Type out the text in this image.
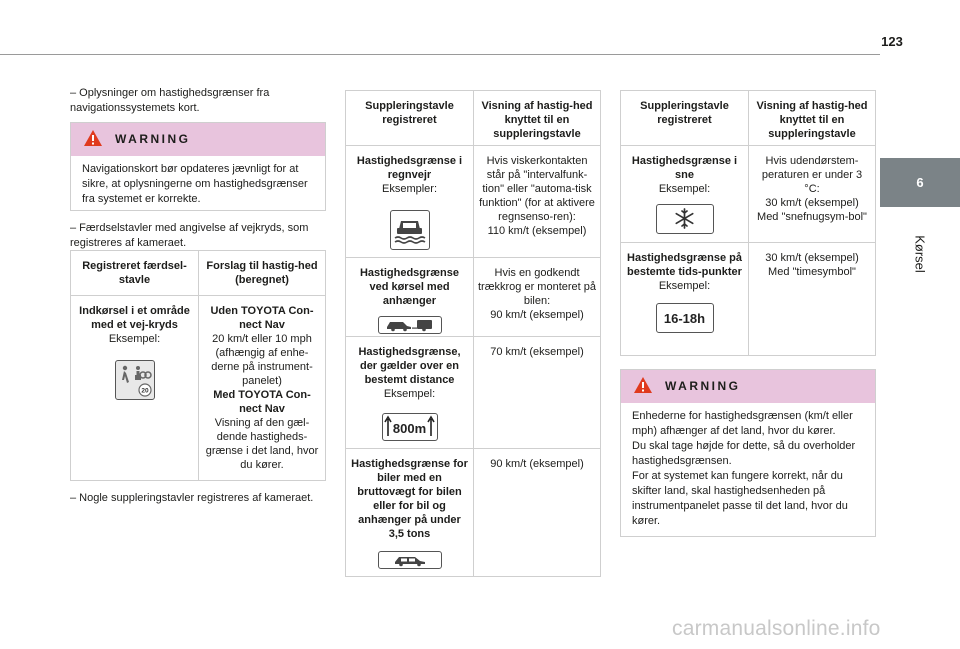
123
6
Kørsel
– Oplysninger om hastighedsgrænser fra navigationssystemets kort.
WARNING
Navigationskort bør opdateres jævnligt for at sikre, at oplysningerne om hastighedsgrænser fra systemet er korrekte.
– Færdselstavler med angivelse af vejkryds, som registreres af kameraet.
Registreret færdsel-stavle
Forslag til hastig-hed (beregnet)
Indkørsel i et område med et vej-kryds
Eksempel:
20
Uden TOYOTA Con-nect Nav
20 km/t eller 10 mph (afhængig af enhe-derne på instrument-panelet)
Med TOYOTA Con-nect Nav
Visning af den gæl-dende hastigheds-grænse i det land, hvor du kører.
– Nogle suppleringstavler registreres af kameraet.
Suppleringstavle registreret
Visning af hastig-hed knyttet til en suppleringstavle
Hastighedsgrænse i regnvejr
Eksempler:
Hvis viskerkontakten står på "intervalfunk-tion" eller "automa-tisk funktion" (for at aktivere regnsenso-ren):
110 km/t (eksempel)
Hastighedsgrænse ved kørsel med anhænger
Hvis en godkendt trækkrog er monteret på bilen:
90 km/t (eksempel)
Hastighedsgrænse, der gælder over en bestemt distance
Eksempel:
800m
70 km/t (eksempel)
Hastighedsgrænse for biler med en bruttovægt for bilen eller for bil og anhænger på under 3,5 tons
90 km/t (eksempel)
Suppleringstavle registreret
Visning af hastig-hed knyttet til en suppleringstavle
Hastighedsgrænse i sne
Eksempel:
Hvis udendørstem-peraturen er under 3 °C:
30 km/t (eksempel)
Med "snefnugsym-bol"
Hastighedsgrænse på bestemte tids-punkter
Eksempel:
16-18h
30 km/t (eksempel)
Med "timesymbol"
WARNING
Enhederne for hastighedsgrænsen (km/t eller mph) afhænger af det land, hvor du kører.
Du skal tage højde for dette, så du overholder hastighedsgrænsen.
For at systemet kan fungere korrekt, når du skifter land, skal hastighedsenheden på instrumentpanelet passe til det land, hvor du kører.
carmanualsonline.info
